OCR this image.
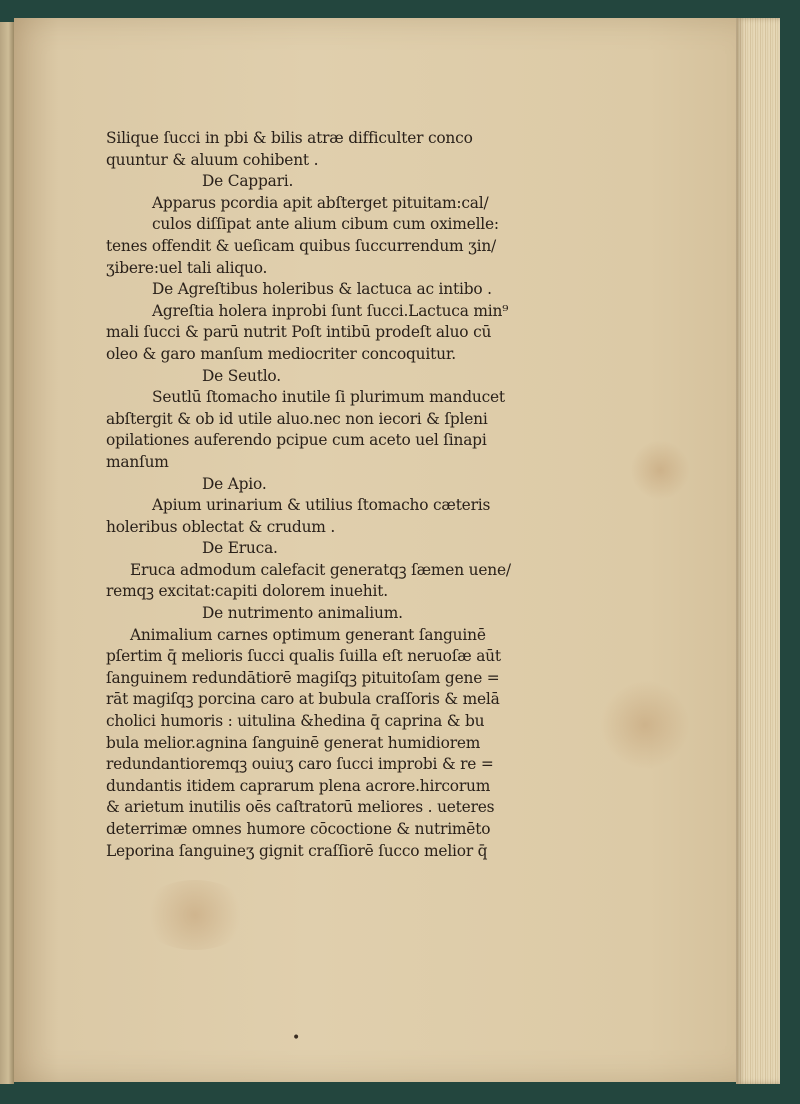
Silique ſucci in pbi & bilis atræ difficulter conco
quuntur & aluum cohibent .
De Cappari.
Apparus pcordia apit abſterget pituitam:cal/
culos diſſipat ante alium cibum cum oximelle:
tenes offendit & ueſicam quibus ſuccurrendum ʒin/
ʒibere:uel tali aliquo.
De Agreſtibus holeribus & lactuca ac intibo .
Agreſtia holera inprobi ſunt ſucci.Lactuca min⁹
mali ſucci & parū nutrit Poſt intibū prodeſt aluo cū
oleo & garo manſum mediocriter concoquitur.
De Seutlo.
Seutlū ſtomacho inutile ſi plurimum manducet
abſtergit & ob id utile aluo.nec non iecori & ſpleni
opilationes auferendo pcipue cum aceto uel ſinapi
manſum
De Apio.
Apium urinarium & utilius ſtomacho cæteris
holeribus oblectat & crudum .
De Eruca.
Eruca admodum calefacit generatqꝫ ſæmen uene/
remqꝫ excitat:capiti dolorem inuehit.
De nutrimento animalium.
Animalium carnes optimum generant ſanguinē
pſertim q̄ melioris ſucci qualis ſuilla eſt neruoſæ aūt
ſanguinem redundātiorē magiſqꝫ pituitoſam gene =
rāt magiſqꝫ porcina caro at bubula craſſoris & melā
cholici humoris : uitulina &hedina q̄ caprina & bu
bula melior.agnina ſanguinē generat humidiorem
redundantioremqꝫ ouiuʒ caro ſucci improbi & re =
dundantis itidem caprarum plena acrore.hircorum
& arietum inutilis oēs caſtratorū meliores . ueteres
deterrimæ omnes humore cōcoctione & nutrimēto
Leporina ſanguineʒ gignit craſſiorē ſucco melior q̄
•
